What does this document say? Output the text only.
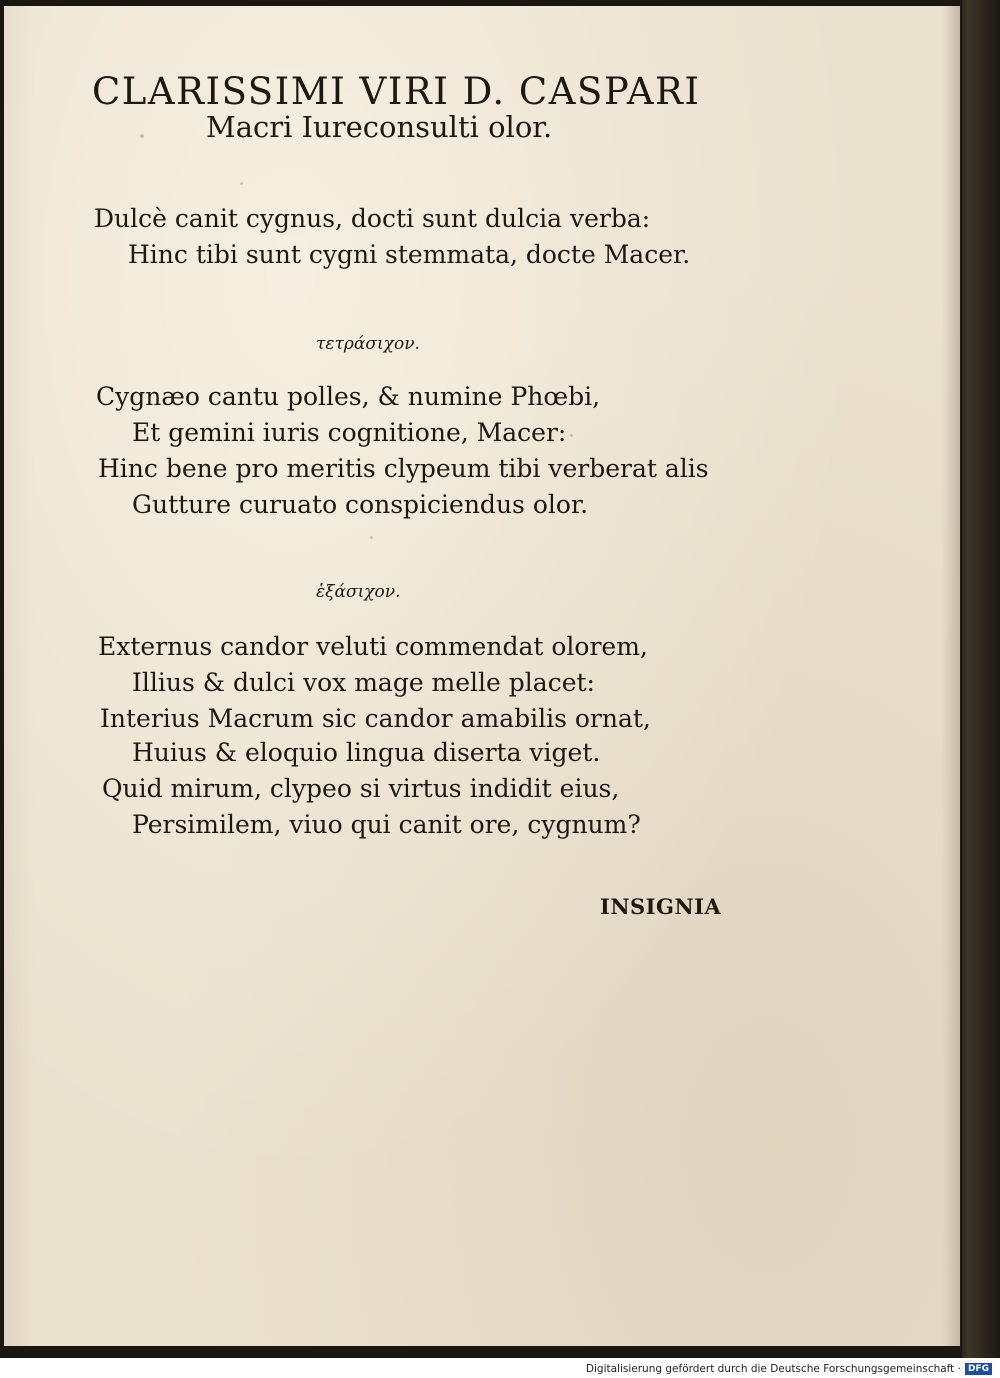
CLARISSIMI VIRI D. CASPARI
Macri Iureconsulti olor.
Dulcè canit cygnus, docti sunt dulcia verba:
Hinc tibi sunt cygni stemmata, docte Macer.
τετράσιχον.
Cygnæo cantu polles, & numine Phœbi,
Et gemini iuris cognitione, Macer:
Hinc bene pro meritis clypeum tibi verberat alis
Gutture curuato conspiciendus olor.
ἑξάσιχον.
Externus candor veluti commendat olorem,
Illius & dulci vox mage melle placet:
Interius Macrum sic candor amabilis ornat,
Huius & eloquio lingua diserta viget.
Quid mirum, clypeo si virtus indidit eius,
Persimilem, viuo qui canit ore, cygnum?
INSIGNIA
Digitalisierung gefördert durch die Deutsche Forschungsgemeinschaft · DFG
